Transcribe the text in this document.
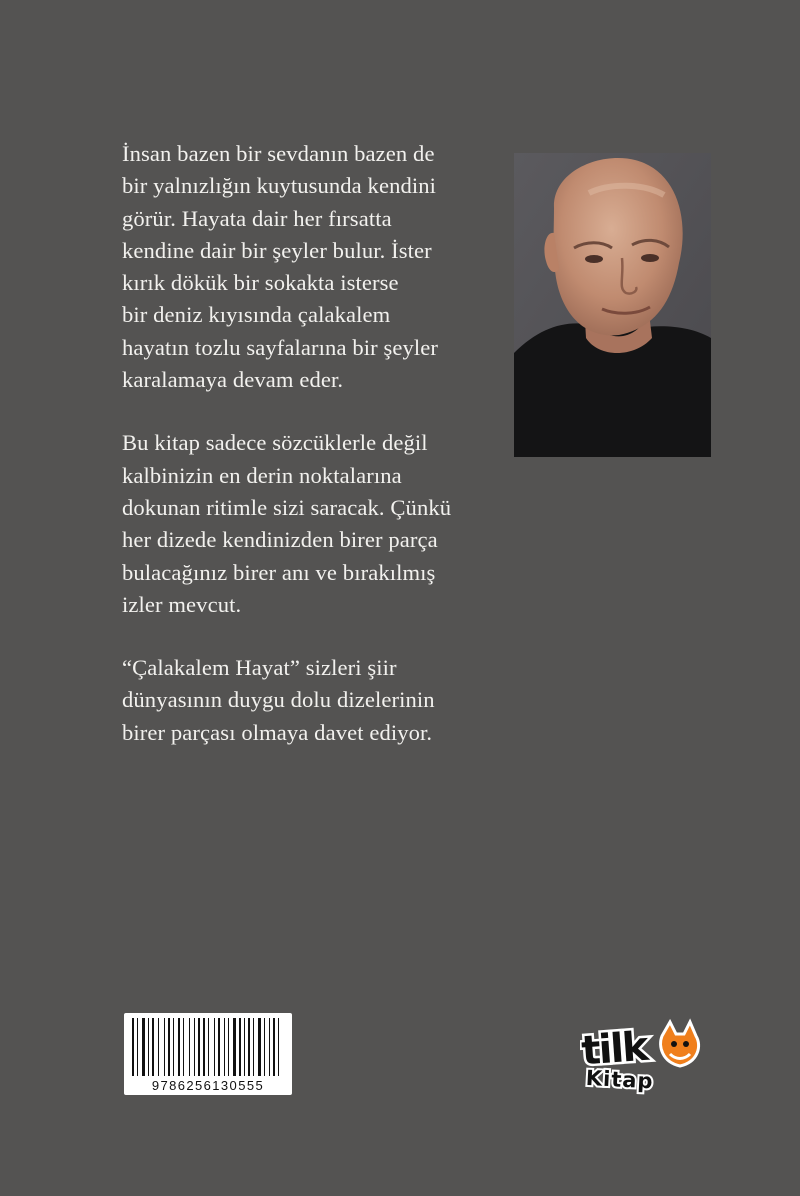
İnsan bazen bir sevdanın bazen de
bir yalnızlığın kuytusunda kendini
görür. Hayata dair her fırsatta
kendine dair bir şeyler bulur. İster
kırık dökük bir sokakta isterse
bir deniz kıyısında çalakalem
hayatın tozlu sayfalarına bir şeyler
karalamaya devam eder.

Bu kitap sadece sözcüklerle değil
kalbinizin en derin noktalarına
dokunan ritimle sizi saracak. Çünkü
her dizede kendinizden birer parça
bulacağınız birer anı ve bırakılmış
izler mevcut.

“Çalakalem Hayat” sizleri şiir
dünyasının duygu dolu dizelerinin
birer parçası olmaya davet ediyor.

9786256130555
tilk
Kitap
